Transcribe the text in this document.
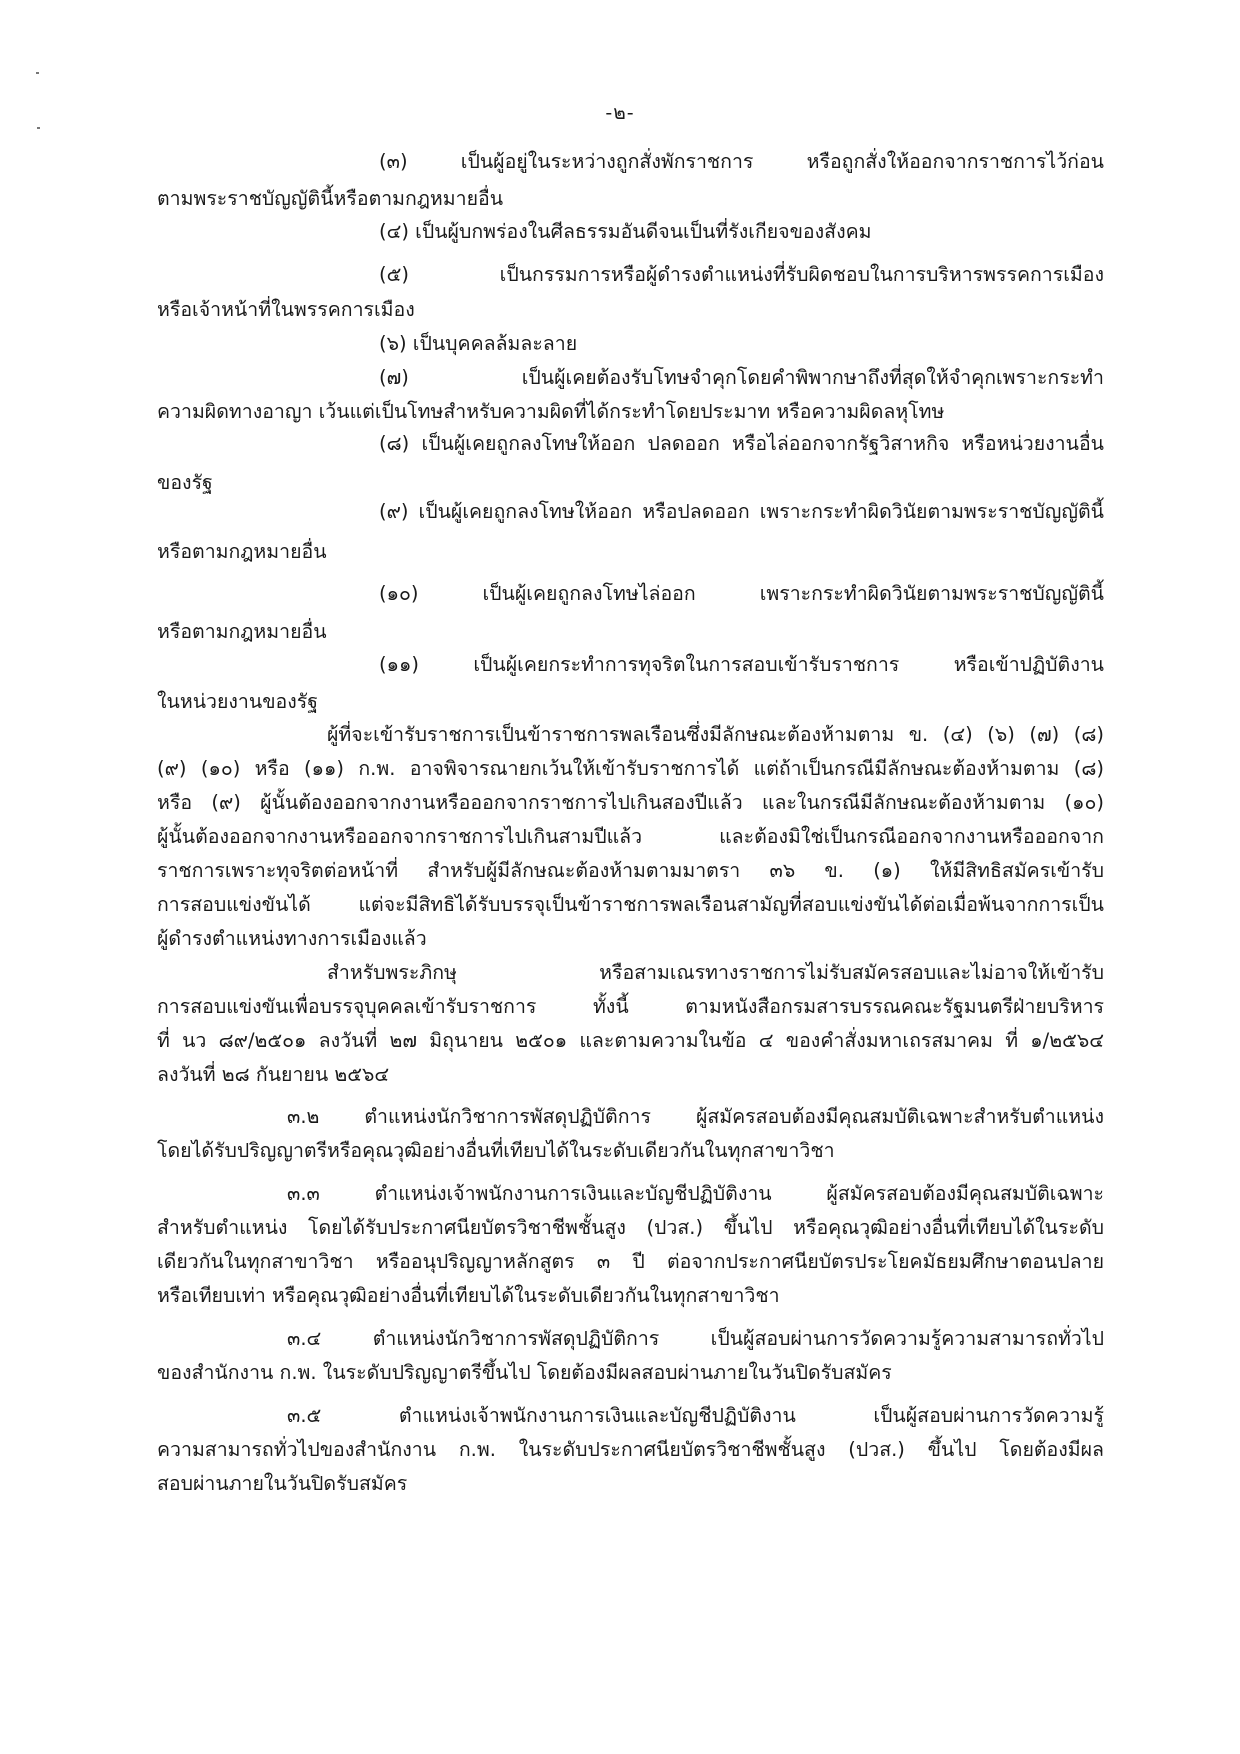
-๒-
(๓) เป็นผู้อยู่ในระหว่างถูกสั่งพักราชการ หรือถูกสั่งให้ออกจากราชการไว้ก่อน
ตามพระราชบัญญัตินี้หรือตามกฎหมายอื่น
(๔) เป็นผู้บกพร่องในศีลธรรมอันดีจนเป็นที่รังเกียจของสังคม
(๕) เป็นกรรมการหรือผู้ดำรงตำแหน่งที่รับผิดชอบในการบริหารพรรคการเมือง
หรือเจ้าหน้าที่ในพรรคการเมือง
(๖) เป็นบุคคลล้มละลาย
(๗) เป็นผู้เคยต้องรับโทษจำคุกโดยคำพิพากษาถึงที่สุดให้จำคุกเพราะกระทำ
ความผิดทางอาญา เว้นแต่เป็นโทษสำหรับความผิดที่ได้กระทำโดยประมาท หรือความผิดลหุโทษ
(๘) เป็นผู้เคยถูกลงโทษให้ออก ปลดออก หรือไล่ออกจากรัฐวิสาหกิจ หรือหน่วยงานอื่น
ของรัฐ
(๙) เป็นผู้เคยถูกลงโทษให้ออก หรือปลดออก เพราะกระทำผิดวินัยตามพระราชบัญญัตินี้
หรือตามกฎหมายอื่น
(๑๐) เป็นผู้เคยถูกลงโทษไล่ออก เพราะกระทำผิดวินัยตามพระราชบัญญัตินี้
หรือตามกฎหมายอื่น
(๑๑) เป็นผู้เคยกระทำการทุจริตในการสอบเข้ารับราชการ หรือเข้าปฏิบัติงาน
ในหน่วยงานของรัฐ
ผู้ที่จะเข้ารับราชการเป็นข้าราชการพลเรือนซึ่งมีลักษณะต้องห้ามตาม ข. (๔) (๖) (๗) (๘)
(๙) (๑๐) หรือ (๑๑) ก.พ. อาจพิจารณายกเว้นให้เข้ารับราชการได้ แต่ถ้าเป็นกรณีมีลักษณะต้องห้ามตาม (๘)
หรือ (๙) ผู้นั้นต้องออกจากงานหรือออกจากราชการไปเกินสองปีแล้ว และในกรณีมีลักษณะต้องห้ามตาม (๑๐)
ผู้นั้นต้องออกจากงานหรือออกจากราชการไปเกินสามปีแล้ว และต้องมิใช่เป็นกรณีออกจากงานหรือออกจาก
ราชการเพราะทุจริตต่อหน้าที่ สำหรับผู้มีลักษณะต้องห้ามตามมาตรา ๓๖ ข. (๑) ให้มีสิทธิสมัครเข้ารับ
การสอบแข่งขันได้ แต่จะมีสิทธิได้รับบรรจุเป็นข้าราชการพลเรือนสามัญที่สอบแข่งขันได้ต่อเมื่อพ้นจากการเป็น
ผู้ดำรงตำแหน่งทางการเมืองแล้ว
สำหรับพระภิกษุ หรือสามเณรทางราชการไม่รับสมัครสอบและไม่อาจให้เข้ารับ
การสอบแข่งขันเพื่อบรรจุบุคคลเข้ารับราชการ ทั้งนี้ ตามหนังสือกรมสารบรรณคณะรัฐมนตรีฝ่ายบริหาร
ที่ นว ๘๙/๒๕๐๑ ลงวันที่ ๒๗ มิถุนายน ๒๕๐๑ และตามความในข้อ ๔ ของคำสั่งมหาเถรสมาคม ที่ ๑/๒๕๖๔
ลงวันที่ ๒๘ กันยายน ๒๕๖๔
๓.๒ ตำแหน่งนักวิชาการพัสดุปฏิบัติการ ผู้สมัครสอบต้องมีคุณสมบัติเฉพาะสำหรับตำแหน่ง
โดยได้รับปริญญาตรีหรือคุณวุฒิอย่างอื่นที่เทียบได้ในระดับเดียวกันในทุกสาขาวิชา
๓.๓ ตำแหน่งเจ้าพนักงานการเงินและบัญชีปฏิบัติงาน ผู้สมัครสอบต้องมีคุณสมบัติเฉพาะ
สำหรับตำแหน่ง โดยได้รับประกาศนียบัตรวิชาชีพชั้นสูง (ปวส.) ขึ้นไป หรือคุณวุฒิอย่างอื่นที่เทียบได้ในระดับ
เดียวกันในทุกสาขาวิชา หรืออนุปริญญาหลักสูตร ๓ ปี ต่อจากประกาศนียบัตรประโยคมัธยมศึกษาตอนปลาย
หรือเทียบเท่า หรือคุณวุฒิอย่างอื่นที่เทียบได้ในระดับเดียวกันในทุกสาขาวิชา
๓.๔ ตำแหน่งนักวิชาการพัสดุปฏิบัติการ เป็นผู้สอบผ่านการวัดความรู้ความสามารถทั่วไป
ของสำนักงาน ก.พ. ในระดับปริญญาตรีขึ้นไป โดยต้องมีผลสอบผ่านภายในวันปิดรับสมัคร
๓.๕ ตำแหน่งเจ้าพนักงานการเงินและบัญชีปฏิบัติงาน เป็นผู้สอบผ่านการวัดความรู้
ความสามารถทั่วไปของสำนักงาน ก.พ. ในระดับประกาศนียบัตรวิชาชีพชั้นสูง (ปวส.) ขึ้นไป โดยต้องมีผล
สอบผ่านภายในวันปิดรับสมัคร
